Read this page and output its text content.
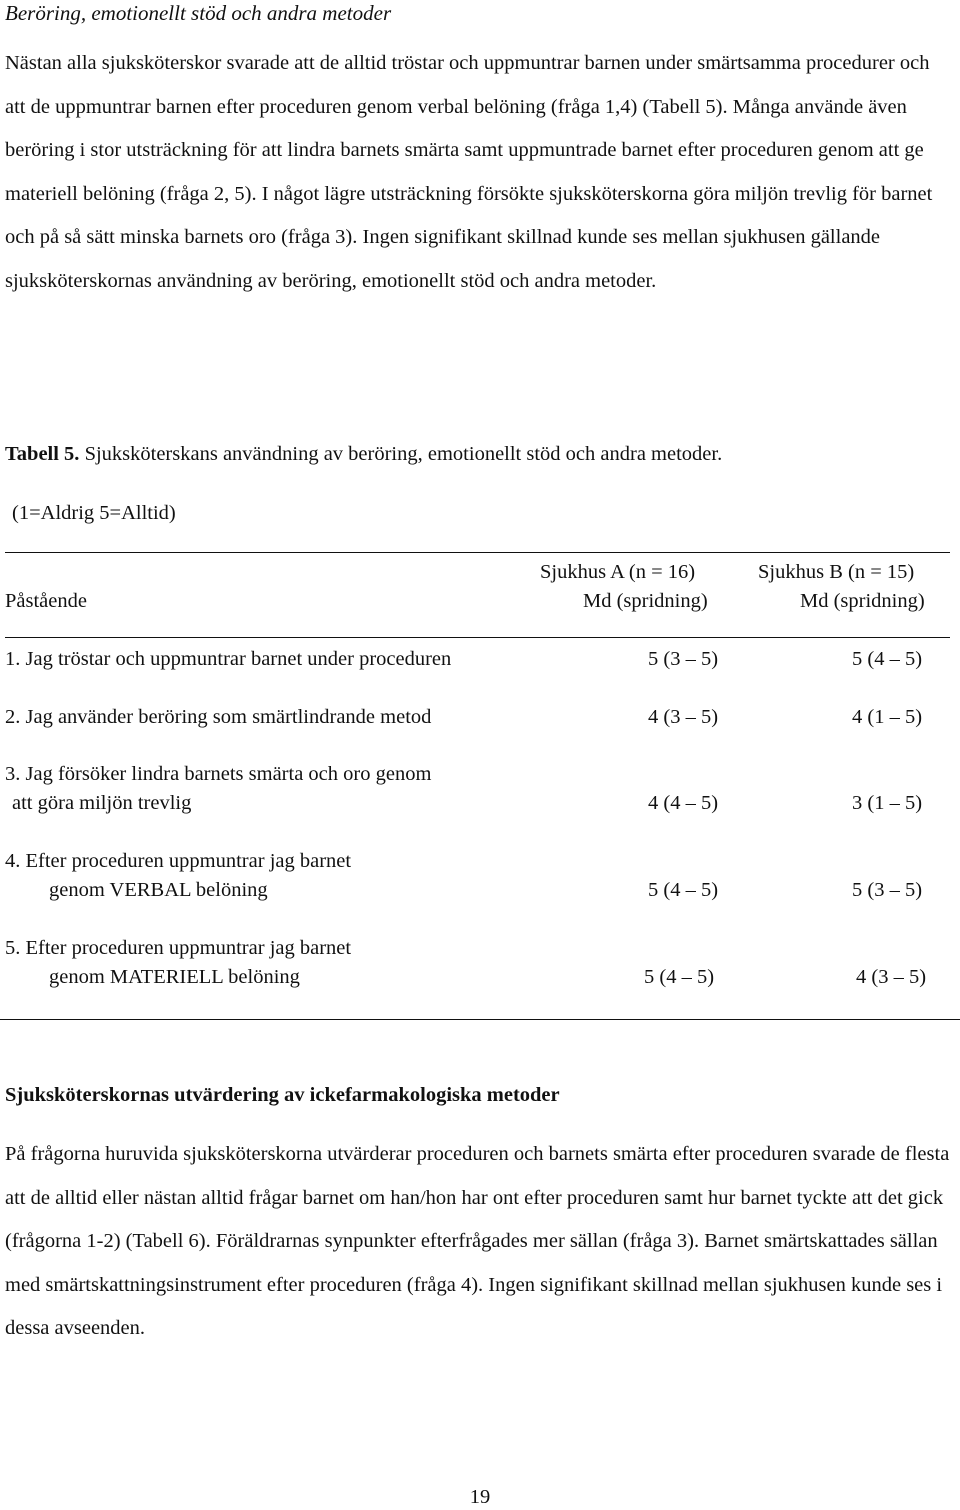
Beröring, emotionellt stöd och andra metoder

Nästan alla sjuksköterskor svarade att de alltid tröstar och uppmuntrar barnen under smärtsamma procedurer och att de uppmuntrar barnen efter proceduren genom verbal belöning (fråga 1,4) (Tabell 5). Många använde även beröring i stor utsträckning för att lindra barnets smärta samt uppmuntrade barnet efter proceduren genom att ge materiell belöning (fråga 2, 5). I något lägre utsträckning försökte sjuksköterskorna göra miljön trevlig för barnet och på så sätt minska barnets oro (fråga 3). Ingen signifikant skillnad kunde ses mellan sjukhusen gällande sjuksköterskornas användning av beröring, emotionellt stöd och andra metoder.

Tabell 5. Sjuksköterskans användning av beröring, emotionellt stöd och andra metoder.
(1=Aldrig 5=Alltid)
Sjukhus A (n = 16)	Sjukhus B (n = 15)
Påstående	Md (spridning)	Md (spridning)
1. Jag tröstar och uppmuntrar barnet under proceduren	5 (3 – 5)	5 (4 – 5)
2. Jag använder beröring som smärtlindrande metod	4 (3 – 5)	4 (1 – 5)
3. Jag försöker lindra barnets smärta och oro genom
att göra miljön trevlig	4 (4 – 5)	3 (1 – 5)
4. Efter proceduren uppmuntrar jag barnet
genom VERBAL belöning	5 (4 – 5)	5 (3 – 5)
5. Efter proceduren uppmuntrar jag barnet
genom MATERIELL belöning	5 (4 – 5)	4 (3 – 5)
Sjuksköterskornas utvärdering av ickefarmakologiska metoder

På frågorna huruvida sjuksköterskorna utvärderar proceduren och barnets smärta efter proceduren svarade de flesta att de alltid eller nästan alltid frågar barnet om han/hon har ont efter proceduren samt hur barnet tyckte att det gick (frågorna 1-2) (Tabell 6). Föräldrarnas synpunkter efterfrågades mer sällan (fråga 3). Barnet smärtskattades sällan med smärtskattningsinstrument efter proceduren (fråga 4). Ingen signifikant skillnad mellan sjukhusen kunde ses i dessa avseenden.

19
